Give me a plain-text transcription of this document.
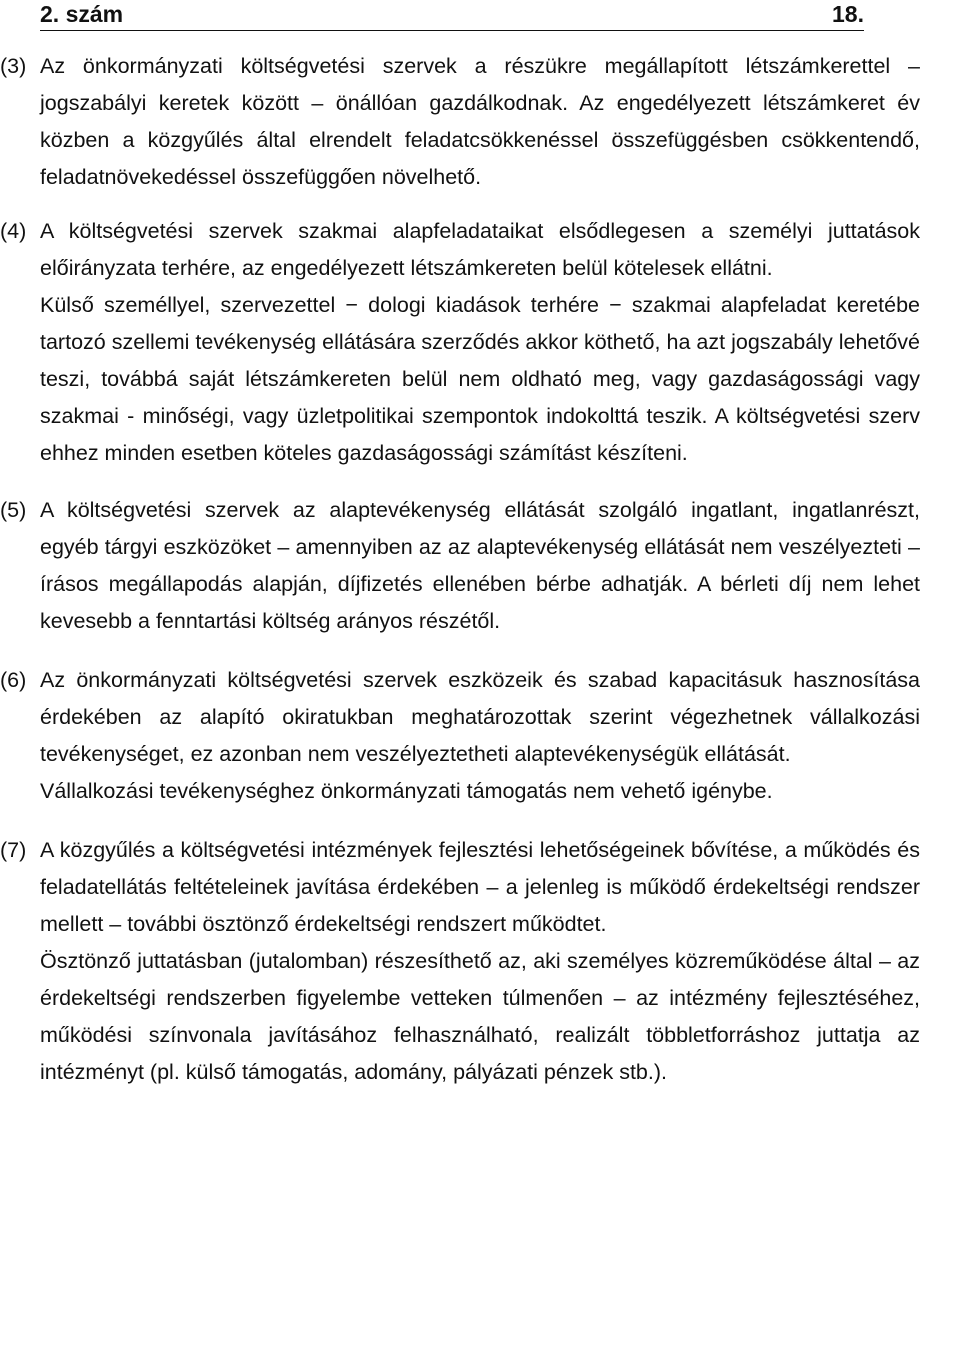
2. szám	18.
(3) Az önkormányzati költségvetési szervek a részükre megállapított létszámkerettel – jogszabályi keretek között – önállóan gazdálkodnak. Az engedélyezett létszámkeret év közben a közgyűlés által elrendelt feladatcsökkenéssel összefüggésben csökkentendő, feladatnövekedéssel összefüggően növelhető.

(4) A költségvetési szervek szakmai alapfeladataikat elsődlegesen a személyi juttatások előirányzata terhére, az engedélyezett létszámkereten belül kötelesek ellátni.

Külső személlyel, szervezettel − dologi kiadások terhére − szakmai alapfeladat keretébe tartozó szellemi tevékenység ellátására szerződés akkor köthető, ha azt jogszabály lehetővé teszi, továbbá saját létszámkereten belül nem oldható meg, vagy gazdaságossági vagy szakmai - minőségi, vagy üzletpolitikai szempontok indokolttá teszik. A költségvetési szerv ehhez minden esetben köteles gazdaságossági számítást készíteni.

(5) A költségvetési szervek az alaptevékenység ellátását szolgáló ingatlant, ingatlanrészt, egyéb tárgyi eszközöket – amennyiben az az alaptevékenység ellátását nem veszélyezteti – írásos megállapodás alapján, díjfizetés ellenében bérbe adhatják. A bérleti díj nem lehet kevesebb a fenntartási költség arányos részétől.

(6) Az önkormányzati költségvetési szervek eszközeik és szabad kapacitásuk hasznosítása érdekében az alapító okiratukban meghatározottak szerint végezhetnek vállalkozási tevékenységet, ez azonban nem veszélyeztetheti alaptevékenységük ellátását.

Vállalkozási tevékenységhez önkormányzati támogatás nem vehető igénybe.

(7) A közgyűlés a költségvetési intézmények fejlesztési lehetőségeinek bővítése, a működés és feladatellátás feltételeinek javítása érdekében – a jelenleg is működő érdekeltségi rendszer mellett – további ösztönző érdekeltségi rendszert működtet.

Ösztönző juttatásban (jutalomban) részesíthető az, aki személyes közreműködése által – az érdekeltségi rendszerben figyelembe vetteken túlmenően – az intézmény fejlesztéséhez, működési színvonala javításához felhasználható, realizált többletforráshoz juttatja az intézményt (pl. külső támogatás, adomány, pályázati pénzek stb.).
